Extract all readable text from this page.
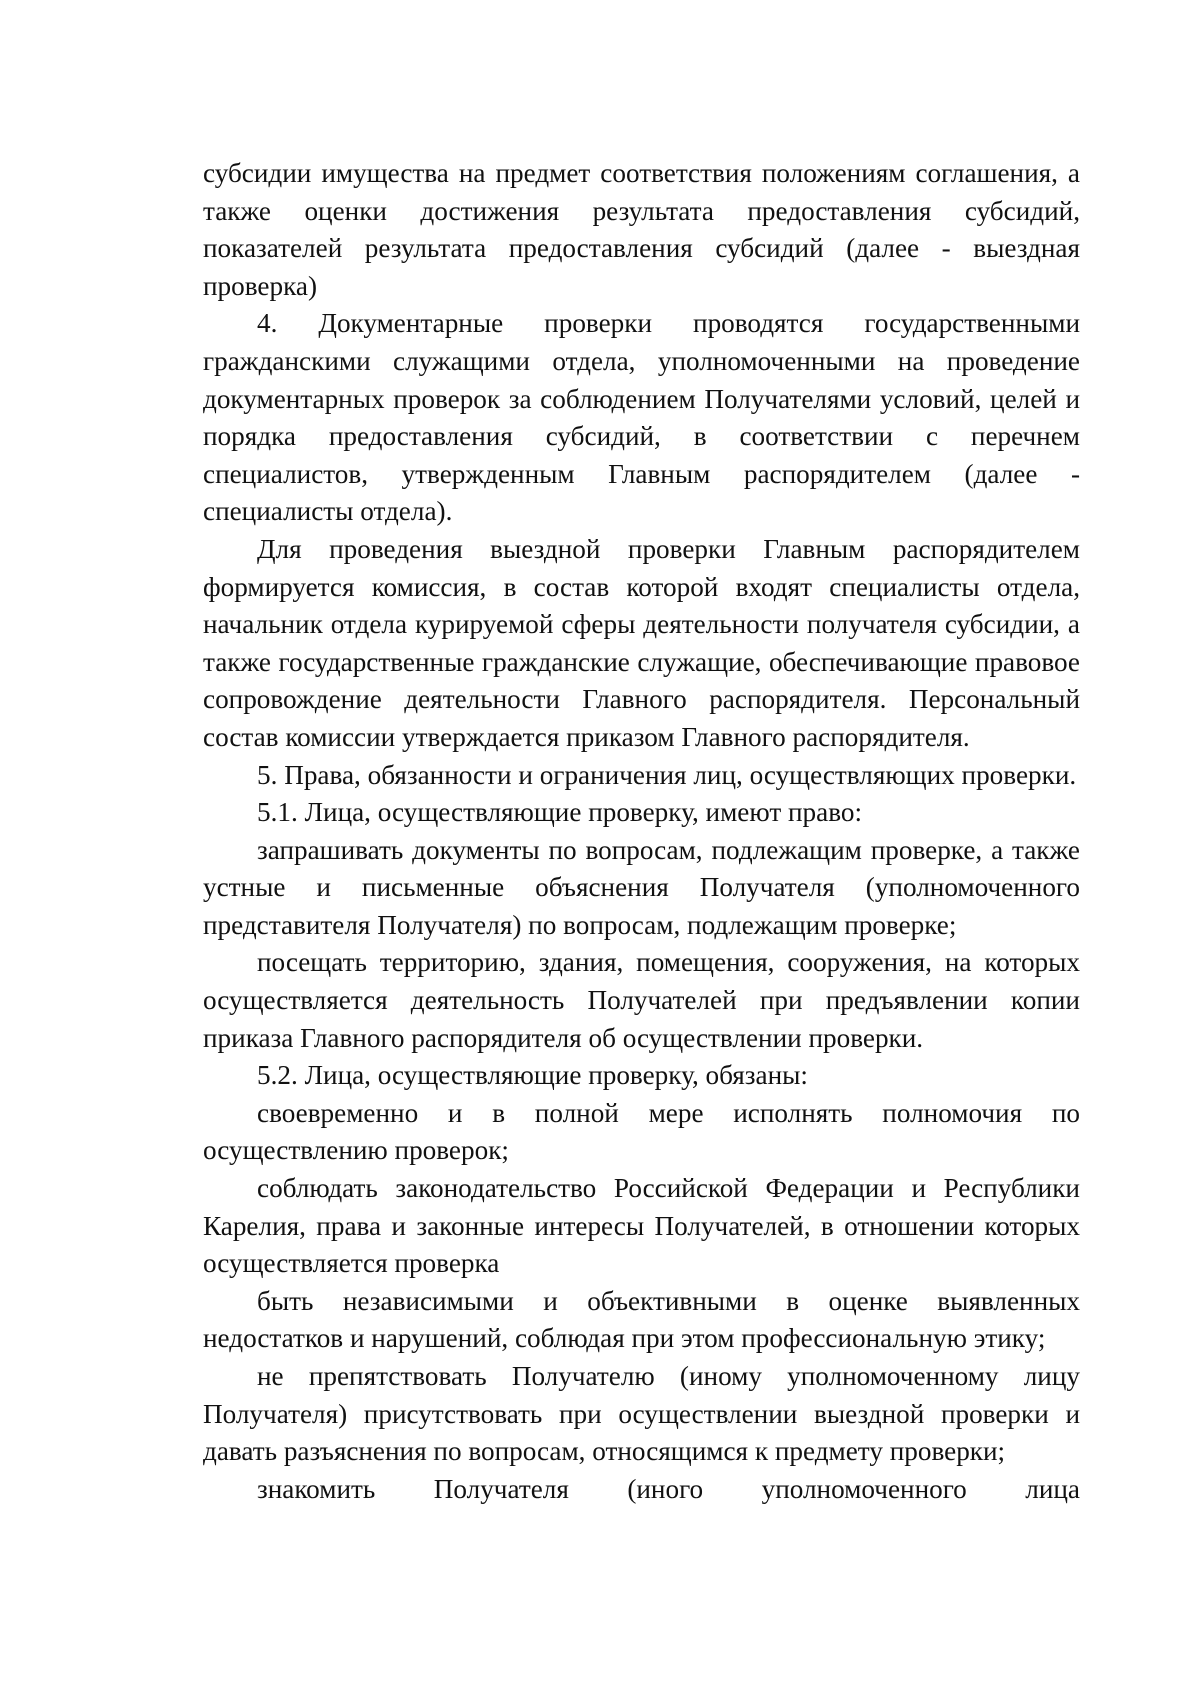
субсидии имущества на предмет соответствия положениям соглашения, а также оценки достижения результата предоставления субсидий, показателей результата предоставления субсидий (далее - выездная проверка)

4. Документарные проверки проводятся государственными гражданскими служащими отдела, уполномоченными на проведение документарных проверок за соблюдением Получателями условий, целей и порядка предоставления субсидий, в соответствии с перечнем специалистов, утвержденным Главным распорядителем (далее - специалисты отдела).

Для проведения выездной проверки Главным распорядителем формируется комиссия, в состав которой входят специалисты отдела, начальник отдела курируемой сферы деятельности получателя субсидии, а также государственные гражданские служащие, обеспечивающие правовое сопровождение деятельности Главного распорядителя. Персональный состав комиссии утверждается приказом Главного распорядителя.

5. Права, обязанности и ограничения лиц, осуществляющих проверки.

5.1. Лица, осуществляющие проверку, имеют право:

запрашивать документы по вопросам, подлежащим проверке, а также устные и письменные объяснения Получателя (уполномоченного представителя Получателя) по вопросам, подлежащим проверке;

посещать территорию, здания, помещения, сооружения, на которых осуществляется деятельность Получателей при предъявлении копии приказа Главного распорядителя об осуществлении проверки.

5.2. Лица, осуществляющие проверку, обязаны:

своевременно и в полной мере исполнять полномочия по осуществлению проверок;

соблюдать законодательство Российской Федерации и Республики Карелия, права и законные интересы Получателей, в отношении которых осуществляется проверка

быть независимыми и объективными в оценке выявленных недостатков и нарушений, соблюдая при этом профессиональную этику;

не препятствовать Получателю (иному уполномоченному лицу Получателя) присутствовать при осуществлении выездной проверки и давать разъяснения по вопросам, относящимся к предмету проверки;

знакомить Получателя (иного уполномоченного лица
